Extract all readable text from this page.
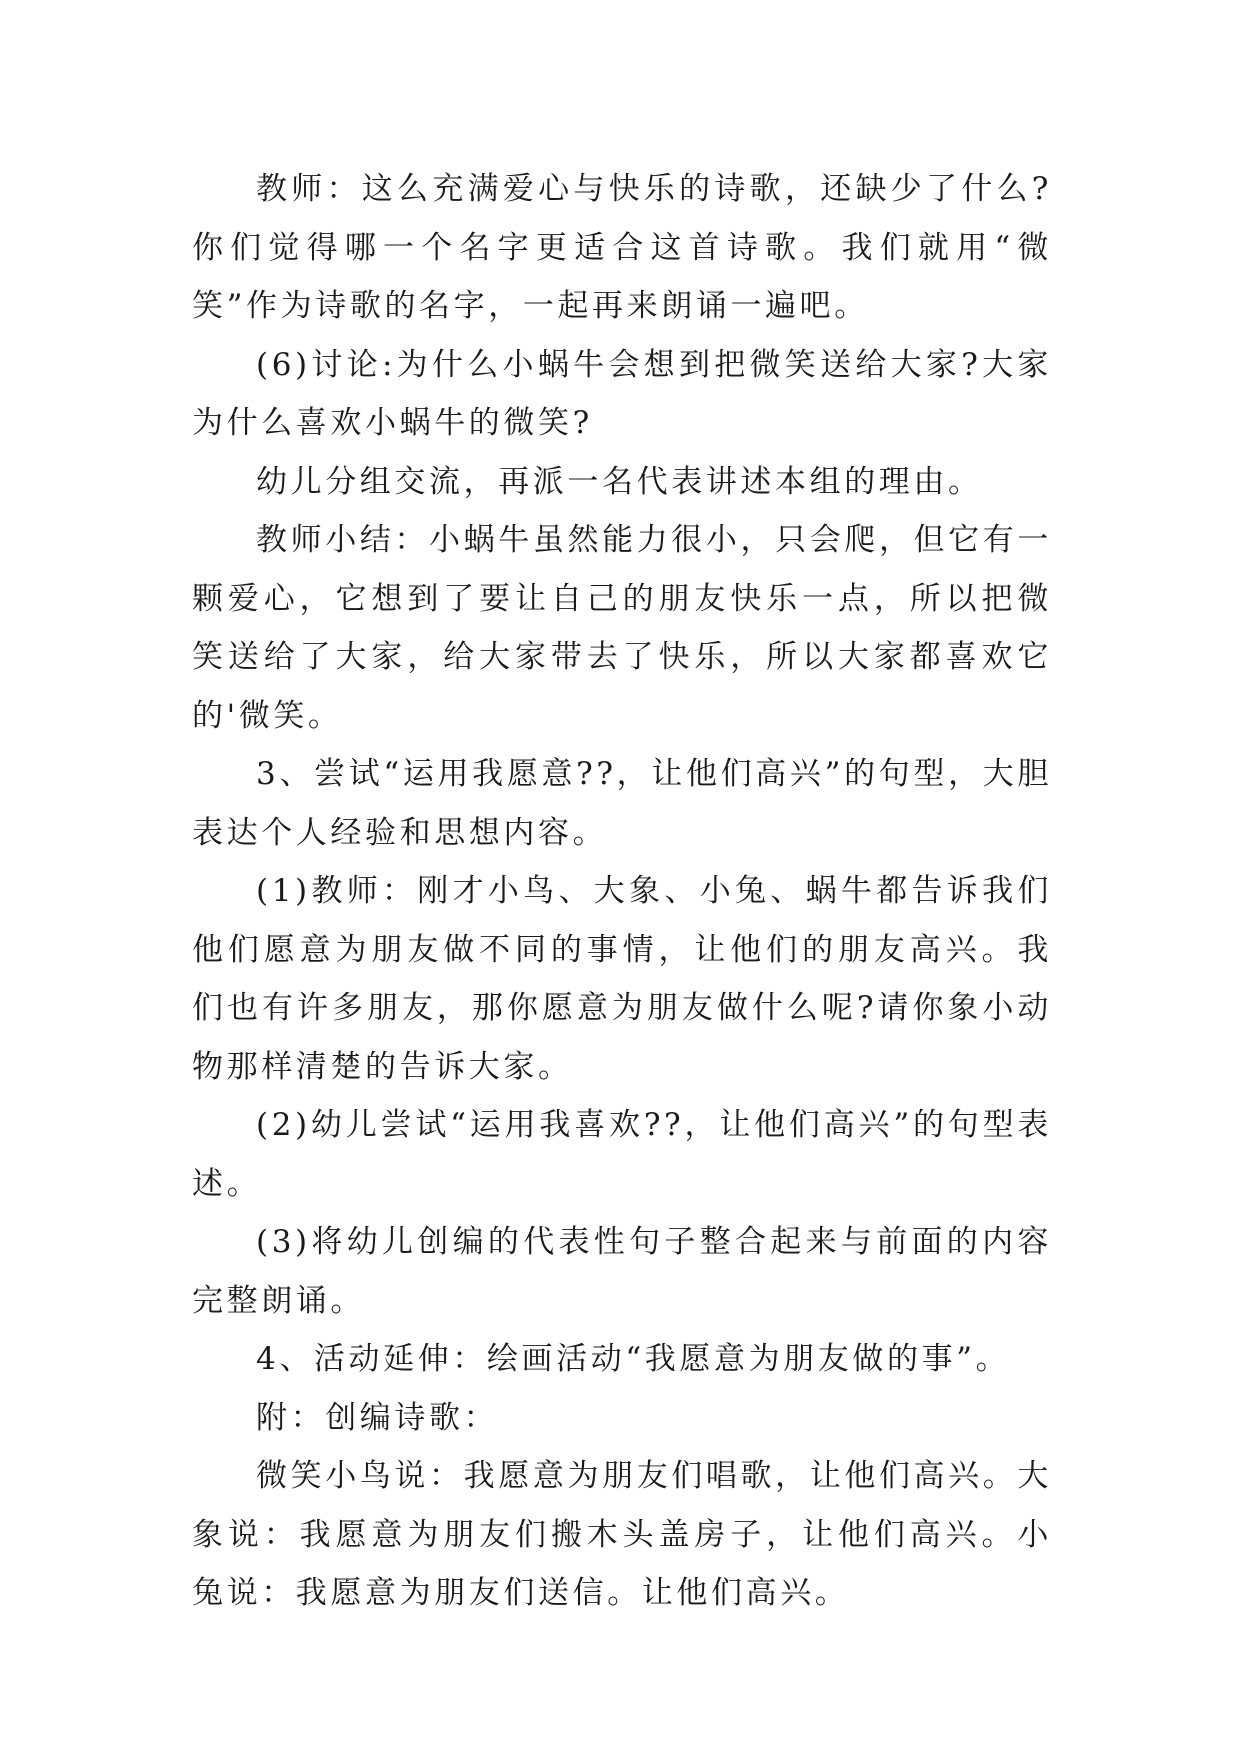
教师：这么充满爱心与快乐的诗歌，还缺少了什么?你们觉得哪一个名字更适合这首诗歌。我们就用“微笑”作为诗歌的名字，一起再来朗诵一遍吧。

(6)讨论:为什么小蜗牛会想到把微笑送给大家?大家为什么喜欢小蜗牛的微笑?

幼儿分组交流，再派一名代表讲述本组的理由。

教师小结：小蜗牛虽然能力很小，只会爬，但它有一颗爱心，它想到了要让自己的朋友快乐一点，所以把微笑送给了大家，给大家带去了快乐，所以大家都喜欢它的'微笑。

3、尝试“运用我愿意??，让他们高兴”的句型，大胆表达个人经验和思想内容。

(1)教师：刚才小鸟、大象、小兔、蜗牛都告诉我们他们愿意为朋友做不同的事情，让他们的朋友高兴。我们也有许多朋友，那你愿意为朋友做什么呢?请你象小动物那样清楚的告诉大家。

(2)幼儿尝试“运用我喜欢??，让他们高兴”的句型表述。

(3)将幼儿创编的代表性句子整合起来与前面的内容完整朗诵。

4、活动延伸：绘画活动“我愿意为朋友做的事”。

附：创编诗歌：

微笑小鸟说：我愿意为朋友们唱歌，让他们高兴。大象说：我愿意为朋友们搬木头盖房子，让他们高兴。小兔说：我愿意为朋友们送信。让他们高兴。
